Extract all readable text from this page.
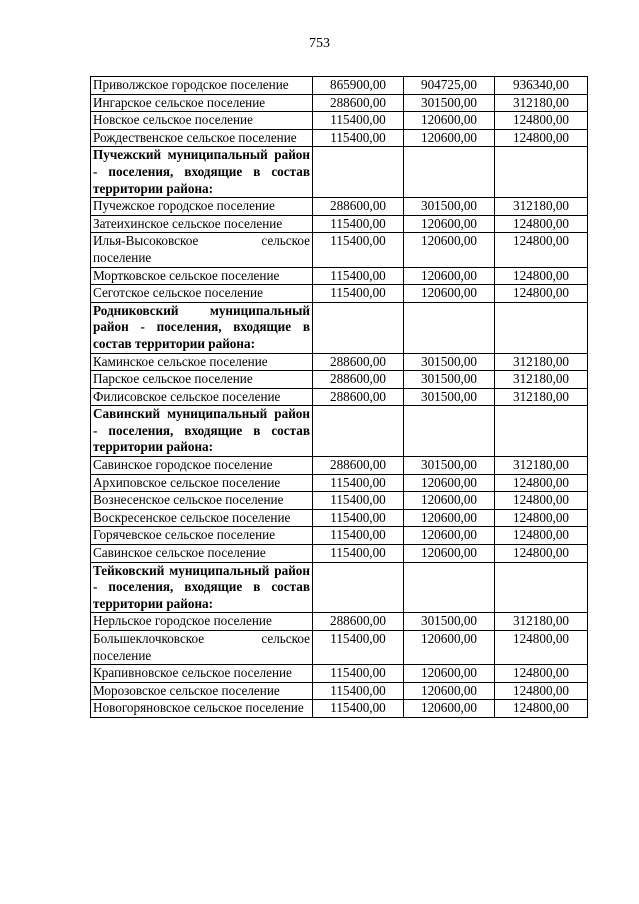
753
Приволжское городское поселение	865900,00	904725,00	936340,00
Ингарское сельское поселение	288600,00	301500,00	312180,00
Новское сельское поселение	115400,00	120600,00	124800,00
Рождественское сельское поселение	115400,00	120600,00	124800,00
Пучежский муниципальный район - поселения, входящие в состав территории района:			
Пучежское городское поселение	288600,00	301500,00	312180,00
Затеихинское сельское поселение	115400,00	120600,00	124800,00
Илья-Высоковское сельское поселение	115400,00	120600,00	124800,00
Мортковское сельское поселение	115400,00	120600,00	124800,00
Сеготское сельское поселение	115400,00	120600,00	124800,00
Родниковский муниципальный район - поселения, входящие в состав территории района:			
Каминское сельское поселение	288600,00	301500,00	312180,00
Парское сельское поселение	288600,00	301500,00	312180,00
Филисовское сельское поселение	288600,00	301500,00	312180,00
Савинский муниципальный район - поселения, входящие в состав территории района:			
Савинское городское поселение	288600,00	301500,00	312180,00
Архиповское сельское поселение	115400,00	120600,00	124800,00
Вознесенское сельское поселение	115400,00	120600,00	124800,00
Воскресенское сельское поселение	115400,00	120600,00	124800,00
Горячевское сельское поселение	115400,00	120600,00	124800,00
Савинское сельское поселение	115400,00	120600,00	124800,00
Тейковский муниципальный район - поселения, входящие в состав территории района:			
Нерльское городское поселение	288600,00	301500,00	312180,00
Большеклочковское сельское поселение	115400,00	120600,00	124800,00
Крапивновское сельское поселение	115400,00	120600,00	124800,00
Морозовское сельское поселение	115400,00	120600,00	124800,00
Новогоряновское сельское поселение	115400,00	120600,00	124800,00
